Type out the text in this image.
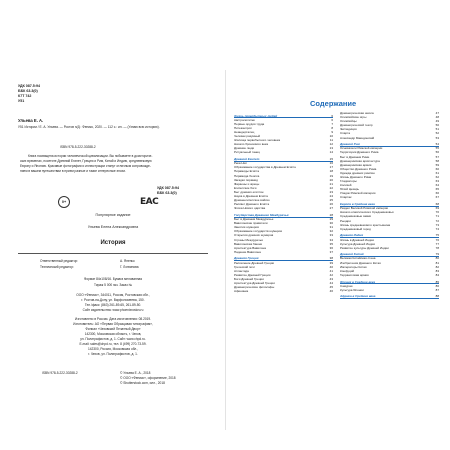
УДК 087.5:94
ББК 63.3(0)
К7Т 742
У51
Ульева Е. А.
У51 Истории / Е. А. Ульева. — Ростов н/Д : Феникс, 2020. — 112 с.: ил. — (Узнаю всю историю).
ISBN 978-5-222-30288-2
Книга посвящена истории человеческой цивилизации. Вы побываете в доисториче-
ских временах, посетите Древний Египет, Грецию и Рим, Китай и Индию, средневековую
Европу и Японию. Красивые фотографии и иллюстрации станут отличным сопровожде-
нием в вашем путешествии в прием разные и такие интересные эпохи.
УДК 087.5:94
ББК 63.3(0)
0+	EAC
Популярное издание
Ульева Елена Александровна
История
Ответственный редактор:	А. Яненко
Технический редактор:	Г. Логвинова
Формат 84х108/16. Бумага мелованная
Тираж 5 000 экз. Заказ №
ООО «Феникс», 344011, Россия, Ростовская обл.,
г. Ростов-на-Дону, ул. Варфоломеева, 150.
Тел./факс: (863) 261-89-65, 261-89-50.
Сайт издательства: www.phoenixrostov.ru
Изготовлено в России. Дата изготовления: 08.2019.
Изготовитель: АО «Первая Образцовая типография»,
Филиал «Чеховский Печатный Двор»
142300, Московская область, г. Чехов,
ул. Полиграфистов, д. 1. Сайт: www.chpd.ru.
E-mail: sales@chpd.ru, тел. 8 (499) 270-73-59.
142300, Россия, Московская обл.,
г. Чехов, ул. Полиграфистов, д. 1.
ISBN 978-5-222-30288-2	© Ульева Е. А., 2018
© ООО «Феникс», оформление, 2018
© Shutterstock.com, илл., 2018
Содержание
Жизнь первобытных людей	6
Австралопитек	6
Первые орудия труда	7
Питекантроп	8
Неандерталец	9
Человек разумный	10
Жилища первобытного человека	11
Начало бронзового века	12
Древние люди	13
Ритуальный танец	14
Древний Египет	15
Река Нил	16
Образование государства в Древнем Египте	17
Пирамиды Египта	18
Пирамида Хеопса	19
Загадки пирамид	20
Фараоны и жрецы	21
Египетские боги	22
Быт древних египтян	23
Наука в Древнем Египте	24
Древнеегипетское войско	25
Рассвет Древнего Египта	26
Эпоха Нового царства	27
Государства Древнего Междуречья	28
Быт в Древнем Междуречье	29
Вавилонские правители	30
Занятия шумеров	31
Образование государств шумеров	32
Открытия древних шумеров	33
Страны Междуречья	34
Вавилонская башня	35
Архитектура Вавилона	36
Падение Вавилона	37
Древняя Греция	38
Расселение Древней Греции	39
Греческий поэт	40
Атлантида	41
Развитие Древней Греции	42
Боги Древней Греции	43
Архитектура Древней Греции	44
Древнегреческие философы	45
Афинянка	46
Древнегреческая школа	47
Олимпийские игры	48
Олимпийцы	49
Древнегреческий театр	50
Экспедиция	51
Спарта	52
Александр Македонский	53
Древний Рим	54
Основатели Римской империи	55
Территория Древнего Рима	56
Быт в Древнем Риме	57
Древнеримская архитектура	58
Древнеримская армия	59
Общество Древнего Рима	60
Одежда древних римлян	61
Жизнь Древнего Рима	62
Гладиаторы	63
Колизей	64
Юлий Цезарь	65
Упадок Римской империи	66
Спартак	67
Европа в Средние века	68
Раздел Великой Римской империи	69
Начало классического Средневековья	70
Средневековые замки	71
Рыцари	72
Жизнь средневекового крестьянина	73
Средневековый город	74
Древняя Индия	75
Жизнь в Древней Индии	76
Культура Древней Индии	77
Развитие культуры Древней Индии	78
Древний Китай	79
Великая Китайская стена	80
Изобретения Древнего Китая	81
Императоры Китая	82
Конфуций	83
Терракотовая армия	84
Япония в Средние века	85
Самураи	86
Культура Японии	87
Африка в Средние века	88
